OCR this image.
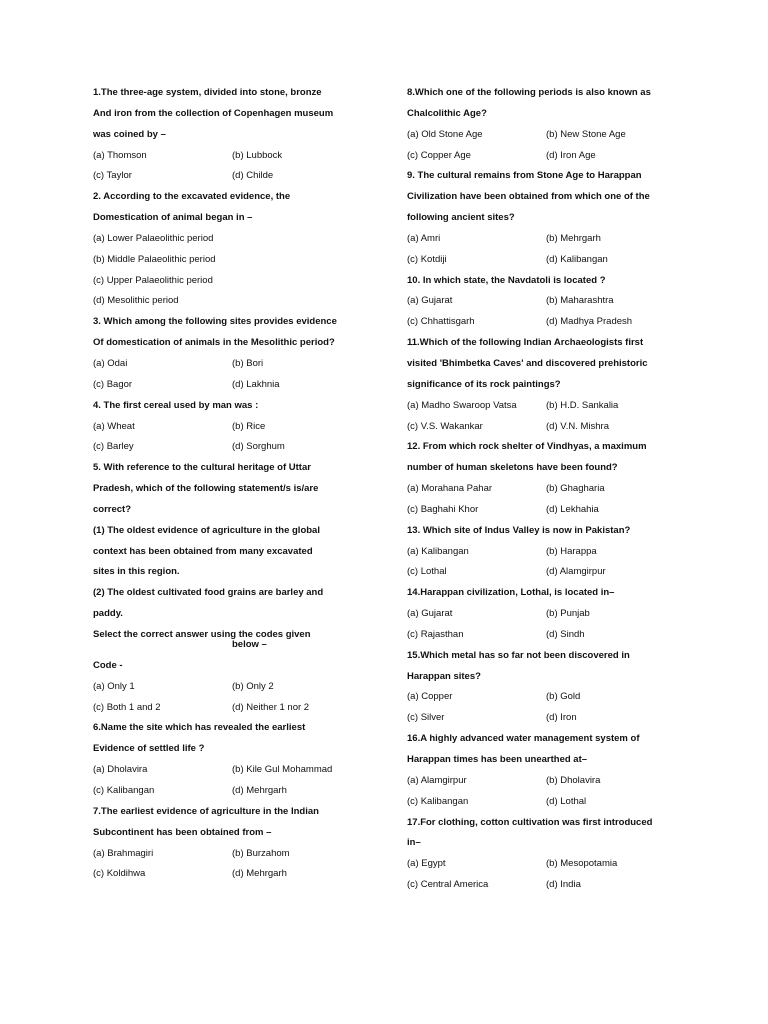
1.The three-age system, divided into stone, bronze
And iron from the collection of Copenhagen museum
was coined by –
(a) Thomson	(b) Lubbock
(c) Taylor	(d) Childe
2. According to the excavated evidence, the
Domestication of animal began in –
(a) Lower Palaeolithic period
(b) Middle Palaeolithic period
(c) Upper Palaeolithic period
(d) Mesolithic period
3. Which among the following sites provides evidence
Of domestication of animals in the Mesolithic period?
(a) Odai	(b) Bori
(c) Bagor	(d) Lakhnia
4. The first cereal used by man was :
(a) Wheat	(b) Rice
(c) Barley	(d) Sorghum
5. With reference to the cultural heritage of Uttar
Pradesh, which of the following statement/s is/are
correct?
(1) The oldest evidence of agriculture in the global
context has been obtained from many excavated
sites in this region.
(2) The oldest cultivated food grains are barley and
paddy.
Select the correct answer using the codes given
below –
Code -
(a) Only 1	(b) Only 2
(c) Both 1 and 2	(d) Neither 1 nor 2
6.Name the site which has revealed the earliest
Evidence of settled life ?
(a) Dholavira	(b) Kile Gul Mohammad
(c) Kalibangan	(d) Mehrgarh
7.The earliest evidence of agriculture in the Indian
Subcontinent has been obtained from –
(a) Brahmagiri	(b) Burzahom
(c) Koldihwa	(d) Mehrgarh
8.Which one of the following periods is also known as
Chalcolithic Age?
(a) Old Stone Age	(b) New Stone Age
(c) Copper Age	(d) Iron Age
9. The cultural remains from Stone Age to Harappan
Civilization have been obtained from which one of the
following ancient sites?
(a) Amri	(b) Mehrgarh
(c) Kotdiji	(d) Kalibangan
10. In which state, the Navdatoli is located ?
(a) Gujarat	(b) Maharashtra
(c) Chhattisgarh	(d) Madhya Pradesh
11.Which of the following Indian Archaeologists first
visited 'Bhimbetka Caves' and discovered prehistoric
significance of its rock paintings?
(a) Madho Swaroop Vatsa	(b) H.D. Sankalia
(c) V.S. Wakankar	(d) V.N. Mishra
12. From which rock shelter of Vindhyas, a maximum
number of human skeletons have been found?
(a) Morahana Pahar	(b) Ghagharia
(c) Baghahi Khor	(d) Lekhahia
13. Which site of Indus Valley is now in Pakistan?
(a) Kalibangan	(b) Harappa
(c) Lothal	(d) Alamgirpur
14.Harappan civilization, Lothal, is located in–
(a) Gujarat	(b) Punjab
(c) Rajasthan	(d) Sindh
15.Which metal has so far not been discovered in
Harappan sites?
(a) Copper	(b) Gold
(c) Silver	(d) Iron
16.A highly advanced water management system of
Harappan times has been unearthed at–
(a) Alamgirpur	(b) Dholavira
(c) Kalibangan	(d) Lothal
17.For clothing, cotton cultivation was first introduced
in–
(a) Egypt	(b) Mesopotamia
(c) Central America	(d) India
